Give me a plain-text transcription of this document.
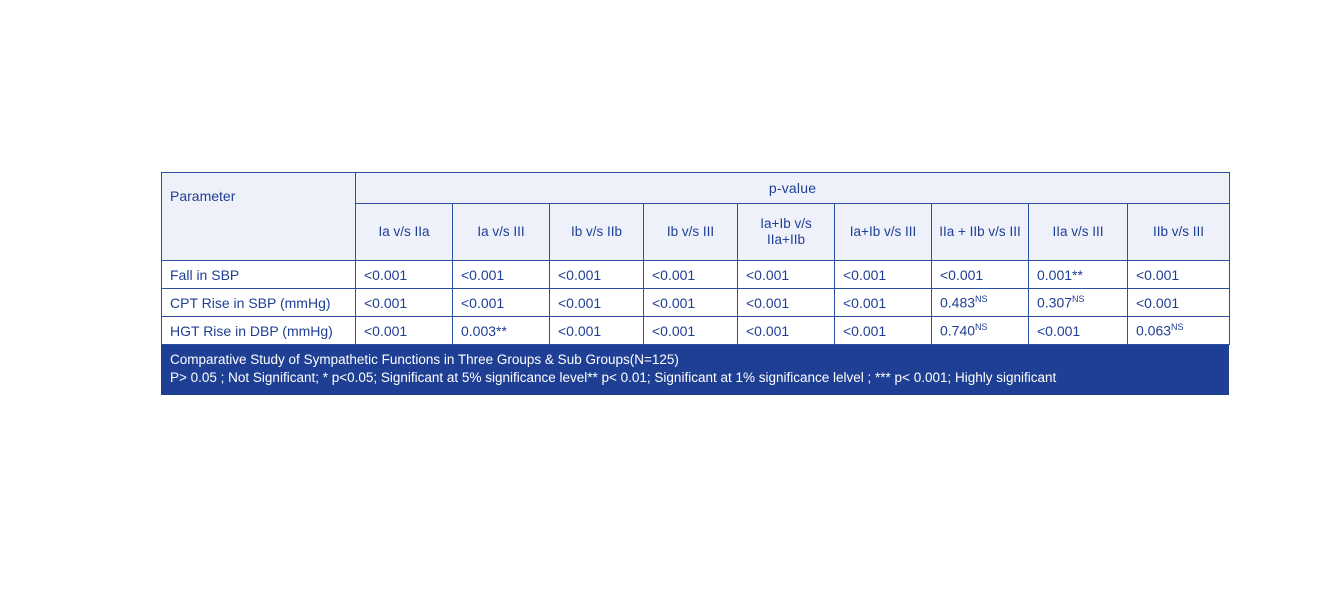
Parameter	p-value								
	Ia v/s IIa	Ia v/s III	Ib v/s IIb	Ib v/s III	Ia+Ib v/s IIa+IIb	Ia+Ib v/s III	IIa + IIb v/s III	IIa v/s III	IIb v/s III
Fall in SBP	<0.001	<0.001	<0.001	<0.001	<0.001	<0.001	<0.001	0.001**	<0.001
CPT Rise in SBP (mmHg)	<0.001	<0.001	<0.001	<0.001	<0.001	<0.001	$0.483^{NS}$	$0.307^{NS}$	<0.001
HGT Rise in DBP (mmHg)	<0.001	0.003**	<0.001	<0.001	<0.001	<0.001	$0.740^{NS}$	<0.001	$0.063^{NS}$
Comparative Study of Sympathetic Functions in Three Groups & Sub Groups(N=125)
P> 0.05 ; Not Significant; * p<0.05; Significant at 5% significance level** p< 0.01; Significant at 1% significance lelvel ; *** p< 0.001; Highly significant
